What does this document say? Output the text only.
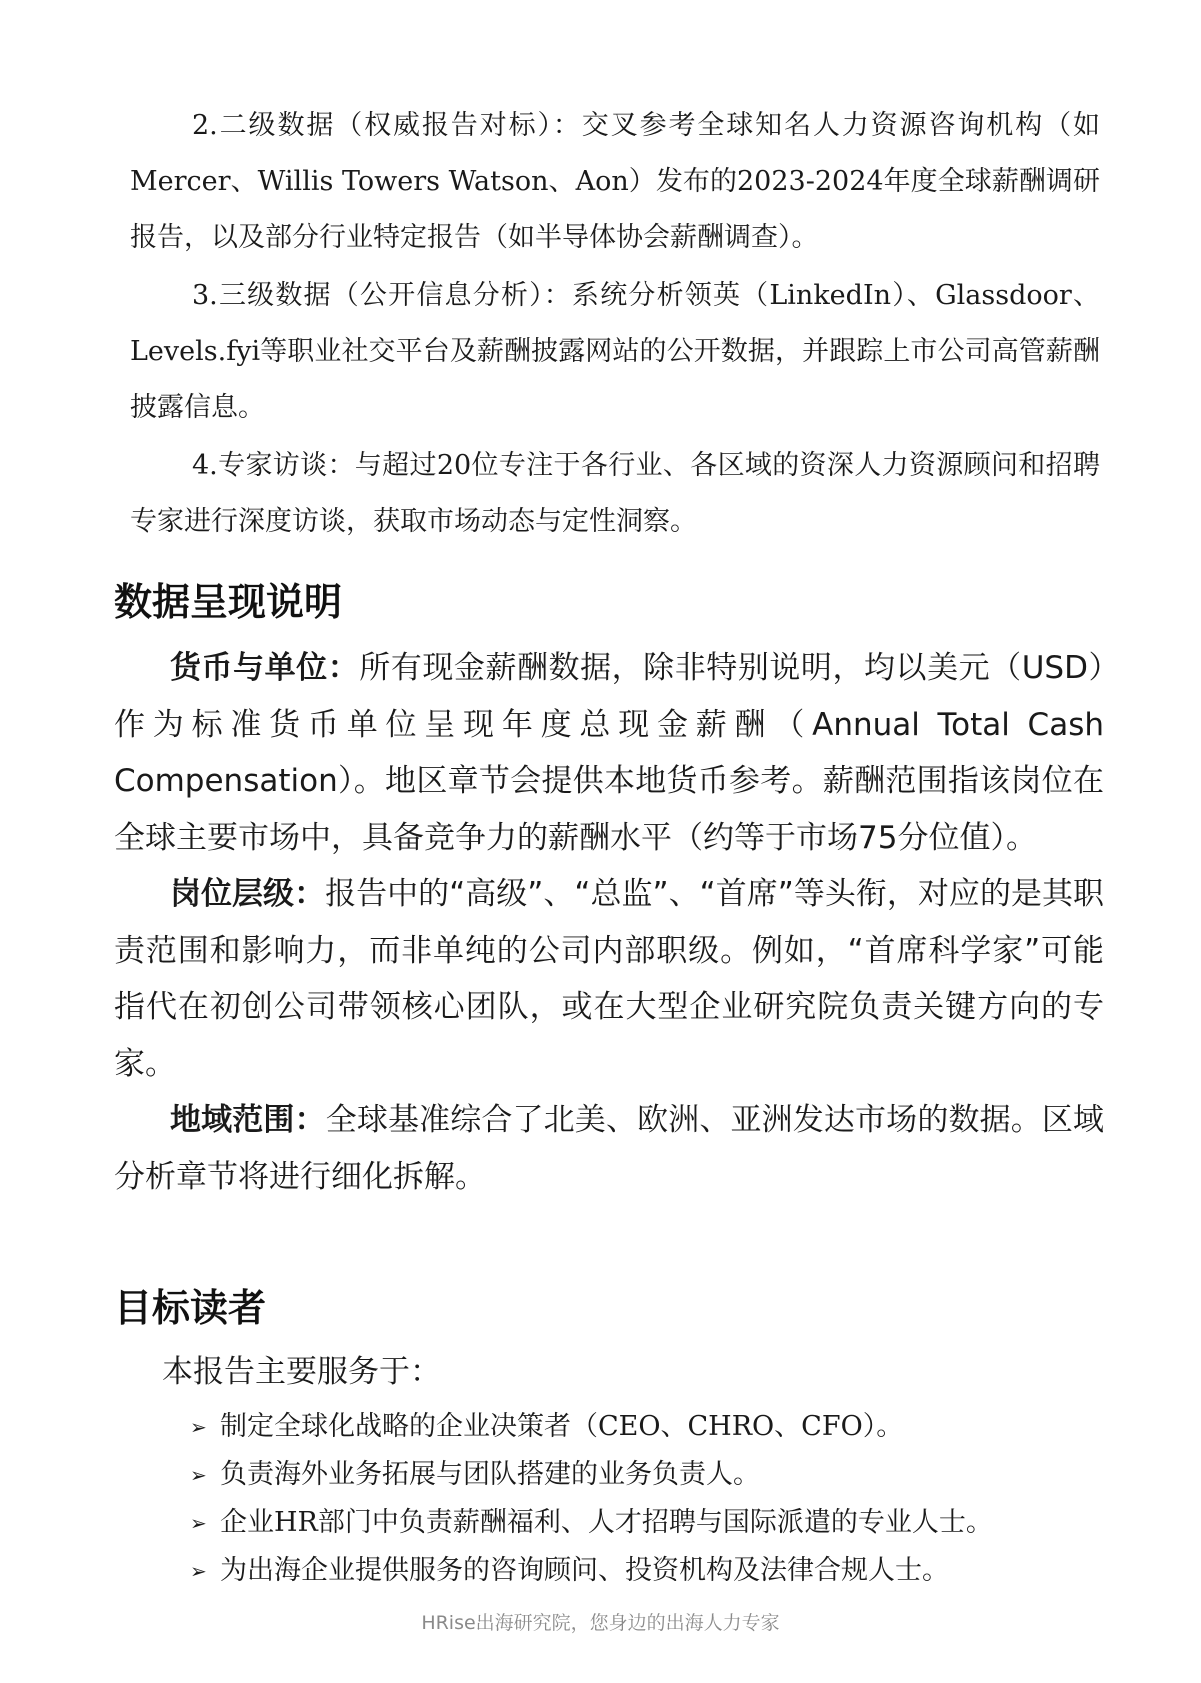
2.二级数据（权威报告对标）：交叉参考全球知名人力资源咨询机构（如Mercer、Willis Towers Watson、Aon）发布的2023-2024年度全球薪酬调研报告，以及部分行业特定报告（如半导体协会薪酬调查）。

3.三级数据（公开信息分析）：系统分析领英（LinkedIn）、Glassdoor、Levels.fyi等职业社交平台及薪酬披露网站的公开数据，并跟踪上市公司高管薪酬披露信息。

4.专家访谈：与超过20位专注于各行业、各区域的资深人力资源顾问和招聘专家进行深度访谈，获取市场动态与定性洞察。

数据呈现说明

货币与单位：所有现金薪酬数据，除非特别说明，均以美元（USD）作为标准货币单位呈现年度总现金薪酬（Annual Total Cash Compensation）。地区章节会提供本地货币参考。薪酬范围指该岗位在全球主要市场中，具备竞争力的薪酬水平（约等于市场75分位值）。

岗位层级：报告中的“高级”、“总监”、“首席”等头衔，对应的是其职责范围和影响力，而非单纯的公司内部职级。例如，“首席科学家”可能指代在初创公司带领核心团队，或在大型企业研究院负责关键方向的专家。

地域范围：全球基准综合了北美、欧洲、亚洲发达市场的数据。区域分析章节将进行细化拆解。

目标读者

本报告主要服务于：

➢ 制定全球化战略的企业决策者（CEO、CHRO、CFO）。
➢ 负责海外业务拓展与团队搭建的业务负责人。
➢ 企业HR部门中负责薪酬福利、人才招聘与国际派遣的专业人士。
➢ 为出海企业提供服务的咨询顾问、投资机构及法律合规人士。
HRise出海研究院，您身边的出海人力专家
